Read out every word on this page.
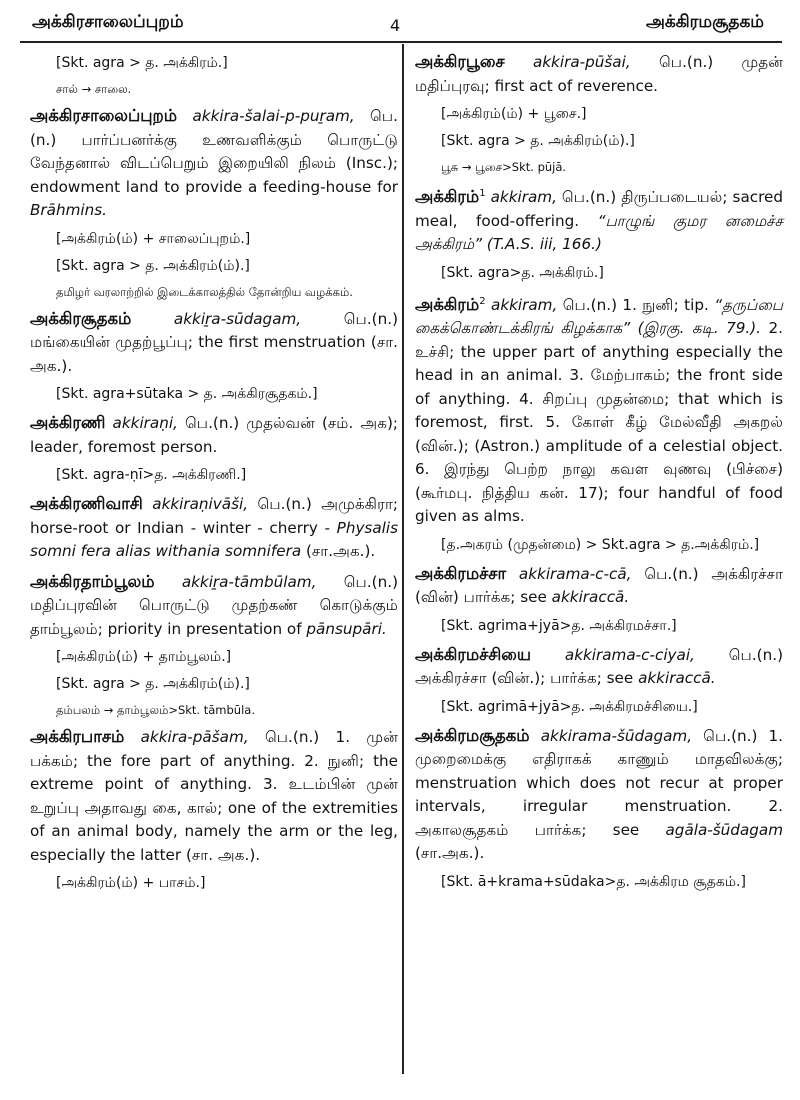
அக்கிரசாலைப்புறம்	4	அக்கிரமசூதகம்
[Skt. agra > த. அக்கிரம்.]
சால் → சாலை.
அக்கிரசாலைப்புறம் akkira-šalai-p-puṟam, பெ.(n.) பார்ப்பனர்க்கு உணவளிக்கும் பொருட்டு வேந்தனால் விடப்பெறும் இறையிலி நிலம் (Insc.); endowment land to provide a feeding-house for Brāhmins.
[அக்கிரம்(ம்) + சாலைப்புறம்.]
[Skt. agra > த. அக்கிரம்(ம்).]
தமிழர் வரலாற்றில் இடைக்காலத்தில் தோன்றிய வழக்கம்.
அக்கிரசூதகம்	akkiṟa-sūdagam,	பெ.(n.) மங்கையின் முதற்பூப்பு; the first menstruation (சா. அக.).
[Skt. agra+sūtaka > த. அக்கிரசூதகம்.]
அக்கிரணி akkiraṇi, பெ.(n.) முதல்வன் (சம். அக); leader, foremost person.
[Skt. agra-ṇī>த. அக்கிரணி.]
அக்கிரணிவாசி akkiraṇivāši, பெ.(n.) அமுக்கிரா; horse-root or Indian - winter - cherry - Physalis somni fera alias withania somnifera (சா.அக.).
அக்கிரதாம்பூலம் akkiṟa-tāmbūlam, பெ.(n.) மதிப்புரவின் பொருட்டு முதற்கண் கொடுக்கும் தாம்பூலம்; priority in presentation of pānsupāri.
[அக்கிரம்(ம்) + தாம்பூலம்.]
[Skt. agra > த. அக்கிரம்(ம்).]
தம்பலம் → தாம்பூலம்>Skt. tāmbūla.
அக்கிரபாசம் akkira-pāšam, பெ.(n.) 1. முன் பக்கம்; the fore part of anything. 2. நுனி; the extreme point of anything. 3. உடம்பின் முன் உறுப்பு அதாவது கை, கால்; one of the extremities of an animal body, namely the arm or the leg, especially the latter (சா. அக.).
[அக்கிரம்(ம்) + பாசம்.]
அக்கிரபூசை akkira-pūšai, பெ.(n.) முதன் மதிப்புரவு; first act of reverence.
[அக்கிரம்(ம்) + பூசை.]
[Skt. agra > த. அக்கிரம்(ம்).]
பூசு → பூசை>Skt. pūjā.
அக்கிரம்$^1$ akkiram, பெ.(n.) திருப்படையல்; sacred meal, food-offering. “பாழுங் குமர னமைச்ச அக்கிரம்” (T.A.S. iii, 166.)
[Skt. agra>த. அக்கிரம்.]
அக்கிரம்$^2$ akkiram, பெ.(n.) 1. நுனி; tip. “தருப்பை கைக்கொண்டக்கிரங் கிழக்காக” (இரகு. கடி. 79.). 2. உச்சி; the upper part of anything especially the head in an animal. 3. மேற்பாகம்; the front side of anything. 4. சிறப்பு முதன்மை; that which is foremost, first. 5. கோள் கீழ் மேல்வீதி அகறல் (வின்.); (Astron.) amplitude of a celestial object. 6. இரந்து பெற்ற நாலு கவள வுணவு (பிச்சை) (கூர்மபு. நித்திய கன். 17); four handful of food given as alms.
[த.அகரம் (முதன்மை) > Skt.agra > த.அக்கிரம்.]
அக்கிரமச்சா akkirama-c-cā, பெ.(n.) அக்கிரச்சா (வின்) பார்க்க; see akkiraccā.
[Skt. agrima+jyā>த. அக்கிரமச்சா.]
அக்கிரமச்சியை akkirama-c-ciyai, பெ.(n.) அக்கிரச்சா (வின்.); பார்க்க; see akkiraccā.
[Skt. agrimā+jyā>த. அக்கிரமச்சியை.]
அக்கிரமசூதகம் akkirama-šūdagam, பெ.(n.) 1. முறைமைக்கு எதிராகக் காணும் மாதவிலக்கு; menstruation which does not recur at proper intervals, irregular menstruation. 2. அகாலசூதகம் பார்க்க; see agāla-šūdagam (சா.அக.).
[Skt. ā+krama+sūdaka>த. அக்கிரம சூதகம்.]
